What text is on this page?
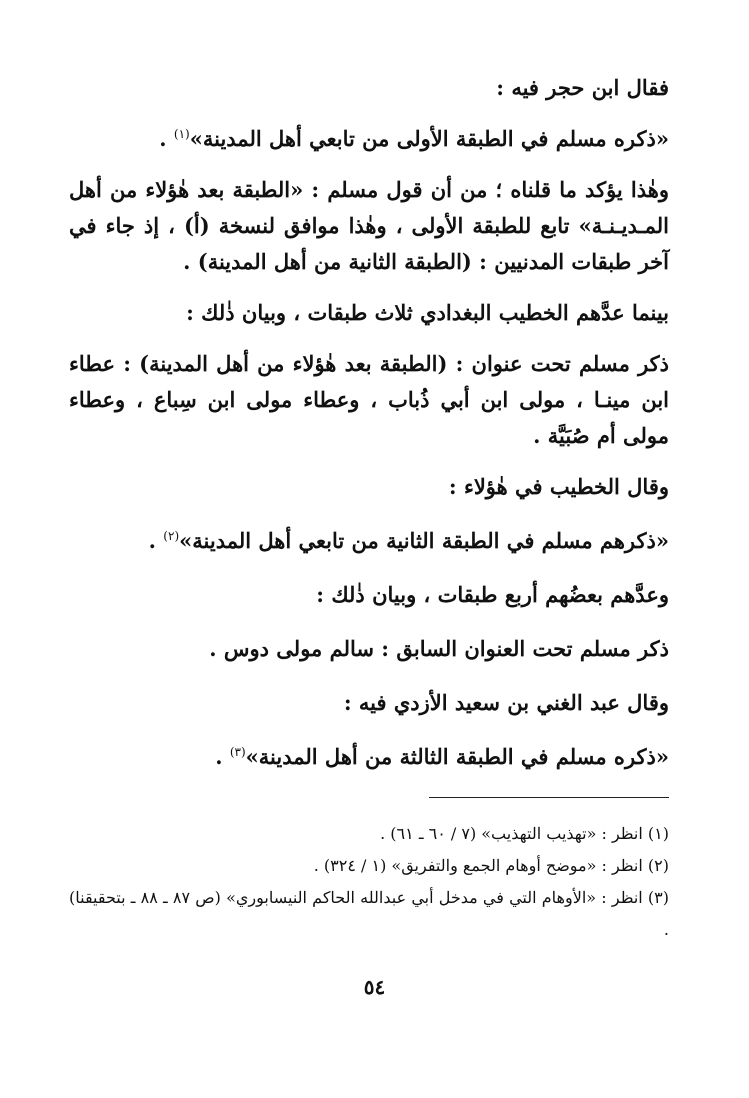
فقال ابن حجر فيه :

«ذكره مسلم في الطبقة الأولى من تابعي أهل المدينة»$^{(١)}$ .

وهٰذا يؤكد ما قلناه ؛ من أن قول مسلم : «الطبقة بعد هٰؤلاء من أهل المـديـنـة» تابع للطبقة الأولى ، وهٰذا موافق لنسخة (أ) ، إذ جاء في آخر طبقات المدنيين : (الطبقة الثانية من أهل المدينة) .

بينما عدَّهم الخطيب البغدادي ثلاث طبقات ، وبيان ذٰلك :

ذكر مسلم تحت عنوان : (الطبقة بعد هٰؤلاء من أهل المدينة) : عطاء ابن مينـا ، مولى ابن أبي ذُباب ، وعطاء مولى ابن سِباع ، وعطاء مولى أم صُبَيَّة .

وقال الخطيب في هٰؤلاء :

«ذكرهم مسلم في الطبقة الثانية من تابعي أهل المدينة»$^{(٢)}$ .

وعدَّهم بعضُهم أربع طبقات ، وبيان ذٰلك :

ذكر مسلم تحت العنوان السابق : سالم مولى دوس .

وقال عبد الغني بن سعيد الأزدي فيه :

«ذكره مسلم في الطبقة الثالثة من أهل المدينة»$^{(٣)}$ .

(١) انظر : «تهذيب التهذيب» (٧ / ٦٠ ـ ٦١) .

(٢) انظر : «موضح أوهام الجمع والتفريق» (١ / ٣٢٤) .

(٣) انظر : «الأوهام التي في مدخل أبي عبدالله الحاكم النيسابوري» (ص ٨٧ ـ ٨٨ ـ بتحقيقنا) .

٥٤
